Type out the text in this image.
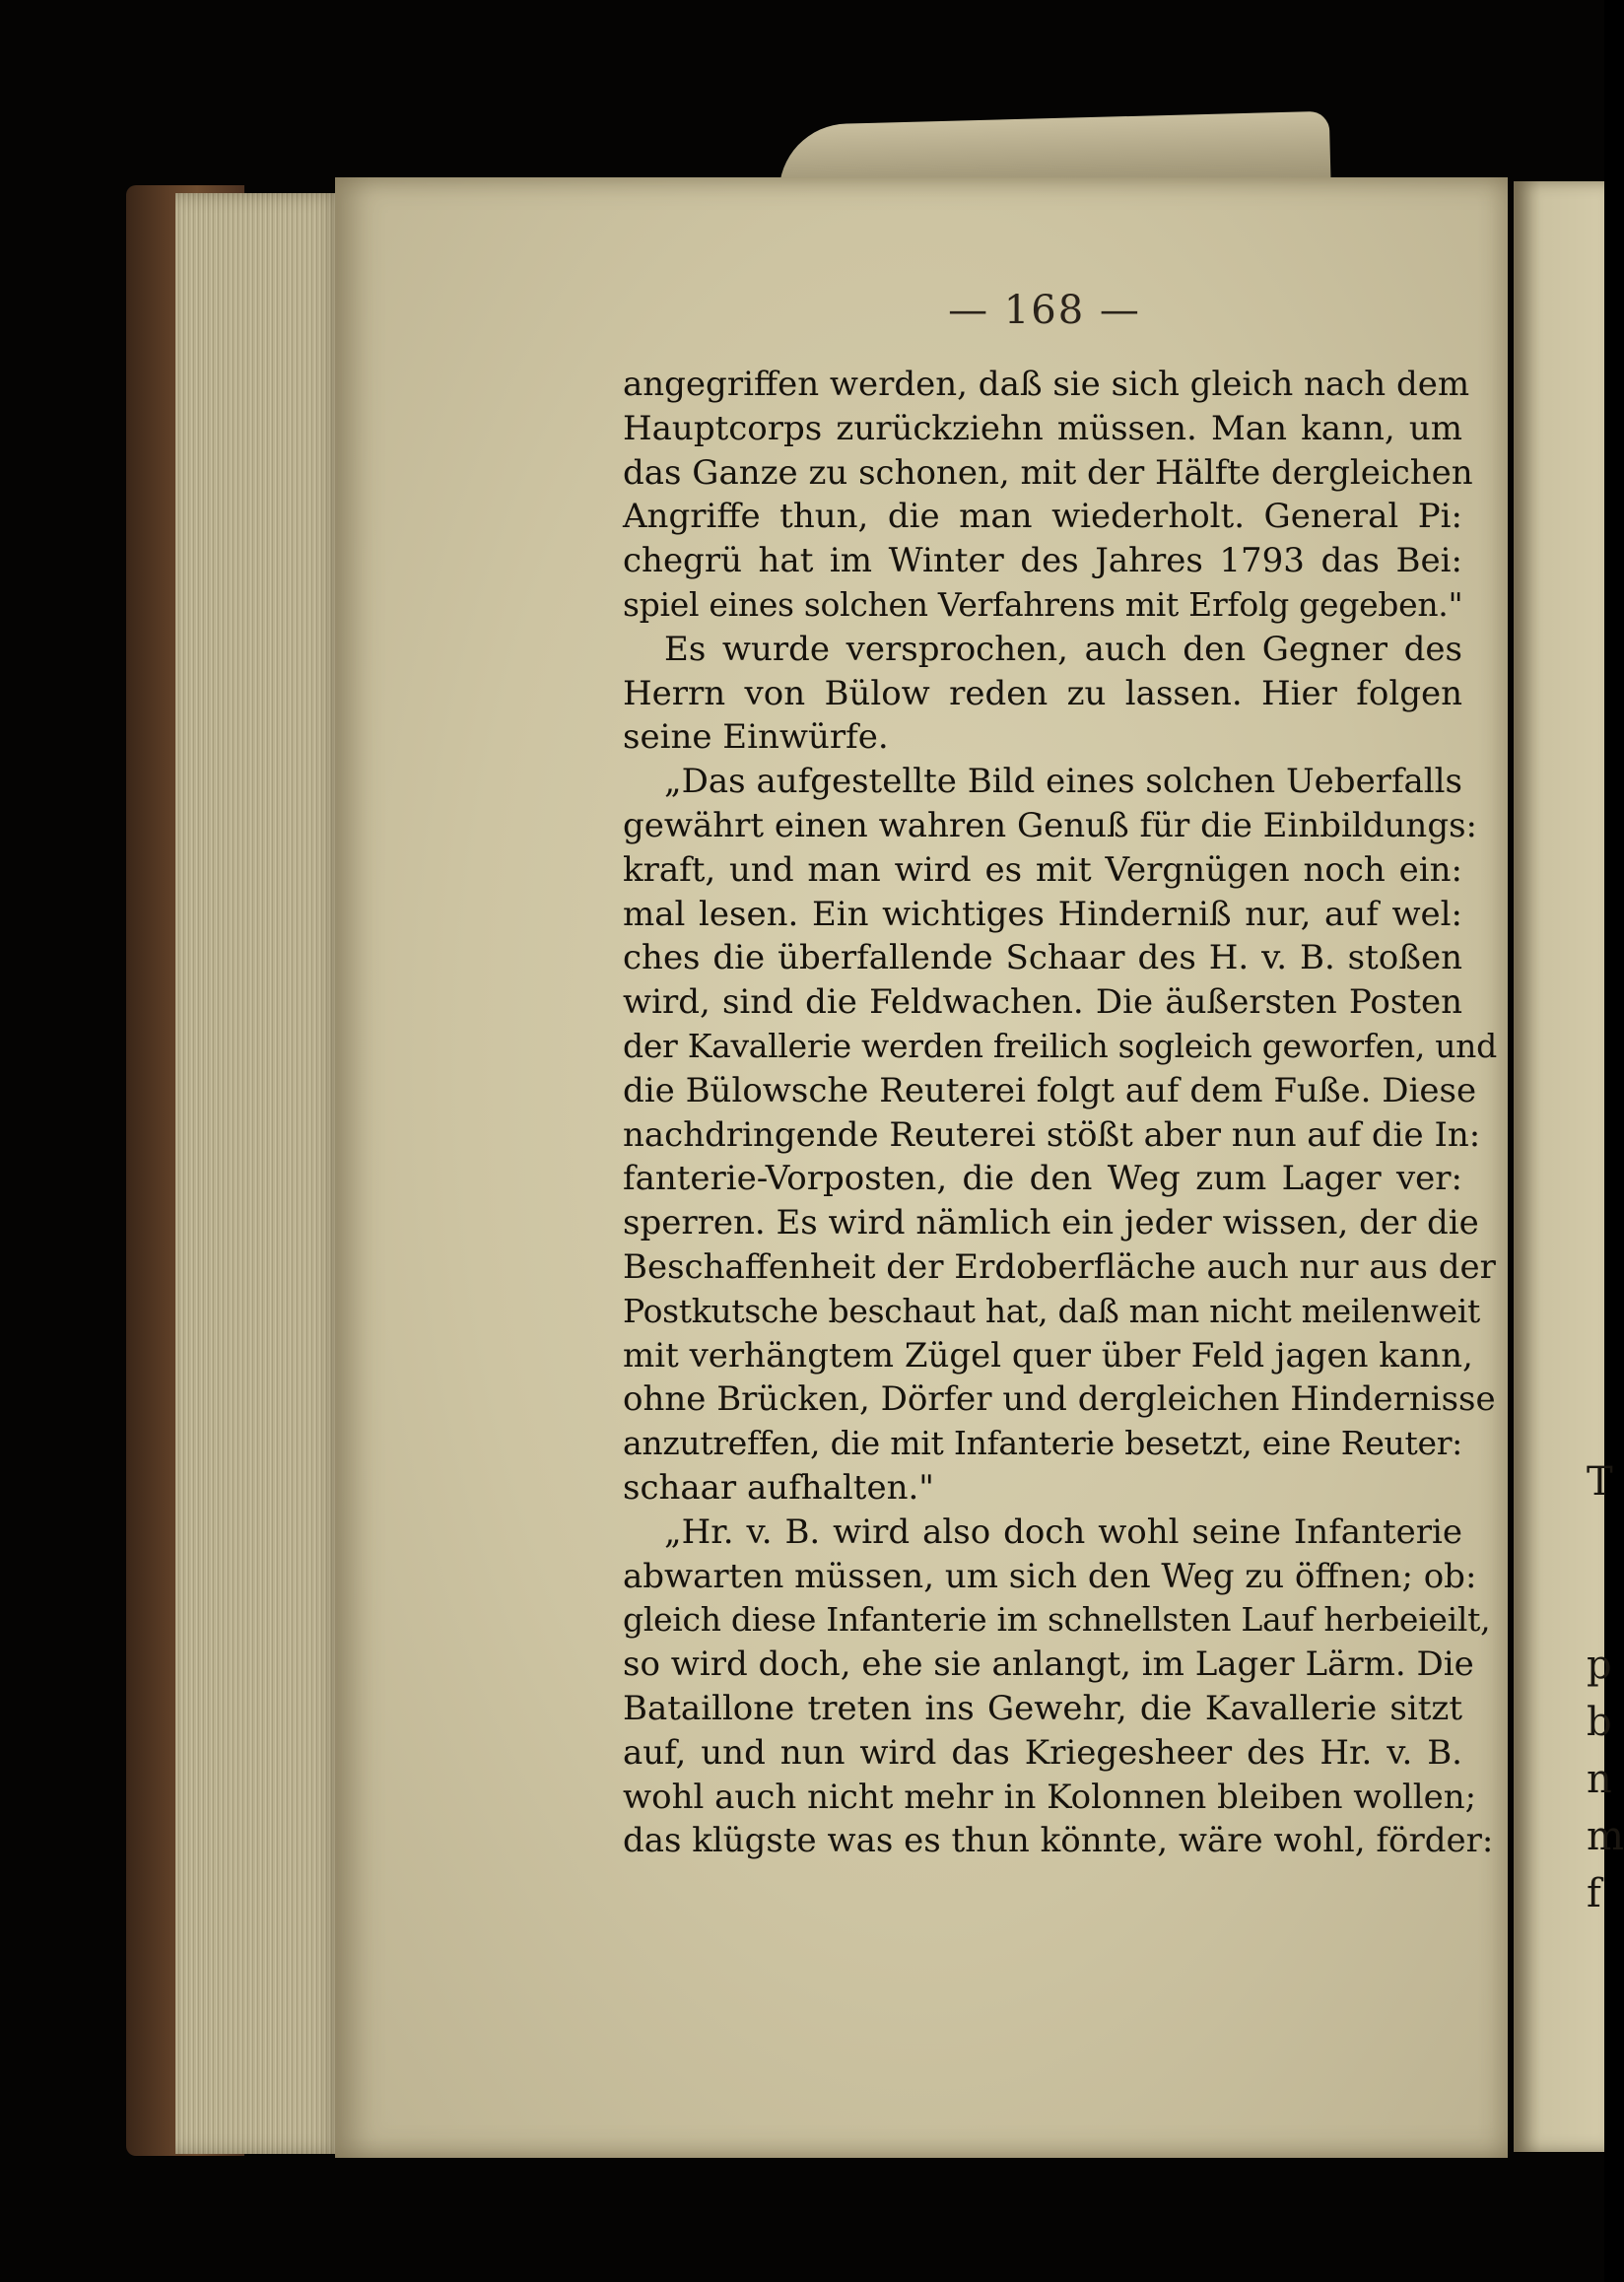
T
p
b
n
m
f
— 168 —
angegriffen werden, daß sie sich gleich nach dem
Hauptcorps zurückziehn müssen. Man kann, um
das Ganze zu schonen, mit der Hälfte dergleichen
Angriffe thun, die man wiederholt. General Pi:
chegrü hat im Winter des Jahres 1793 das Bei:
spiel eines solchen Verfahrens mit Erfolg gegeben."
Es wurde versprochen, auch den Gegner des
Herrn von Bülow reden zu lassen. Hier folgen
seine Einwürfe.
„Das aufgestellte Bild eines solchen Ueberfalls
gewährt einen wahren Genuß für die Einbildungs:
kraft, und man wird es mit Vergnügen noch ein:
mal lesen. Ein wichtiges Hinderniß nur, auf wel:
ches die überfallende Schaar des H. v. B. stoßen
wird, sind die Feldwachen. Die äußersten Posten
der Kavallerie werden freilich sogleich geworfen, und
die Bülowsche Reuterei folgt auf dem Fuße. Diese
nachdringende Reuterei stößt aber nun auf die In:
fanterie-Vorposten, die den Weg zum Lager ver:
sperren. Es wird nämlich ein jeder wissen, der die
Beschaffenheit der Erdoberfläche auch nur aus der
Postkutsche beschaut hat, daß man nicht meilenweit
mit verhängtem Zügel quer über Feld jagen kann,
ohne Brücken, Dörfer und dergleichen Hindernisse
anzutreffen, die mit Infanterie besetzt, eine Reuter:
schaar aufhalten."
„Hr. v. B. wird also doch wohl seine Infanterie
abwarten müssen, um sich den Weg zu öffnen; ob:
gleich diese Infanterie im schnellsten Lauf herbeieilt,
so wird doch, ehe sie anlangt, im Lager Lärm. Die
Bataillone treten ins Gewehr, die Kavallerie sitzt
auf, und nun wird das Kriegesheer des Hr. v. B.
wohl auch nicht mehr in Kolonnen bleiben wollen;
das klügste was es thun könnte, wäre wohl, förder:
